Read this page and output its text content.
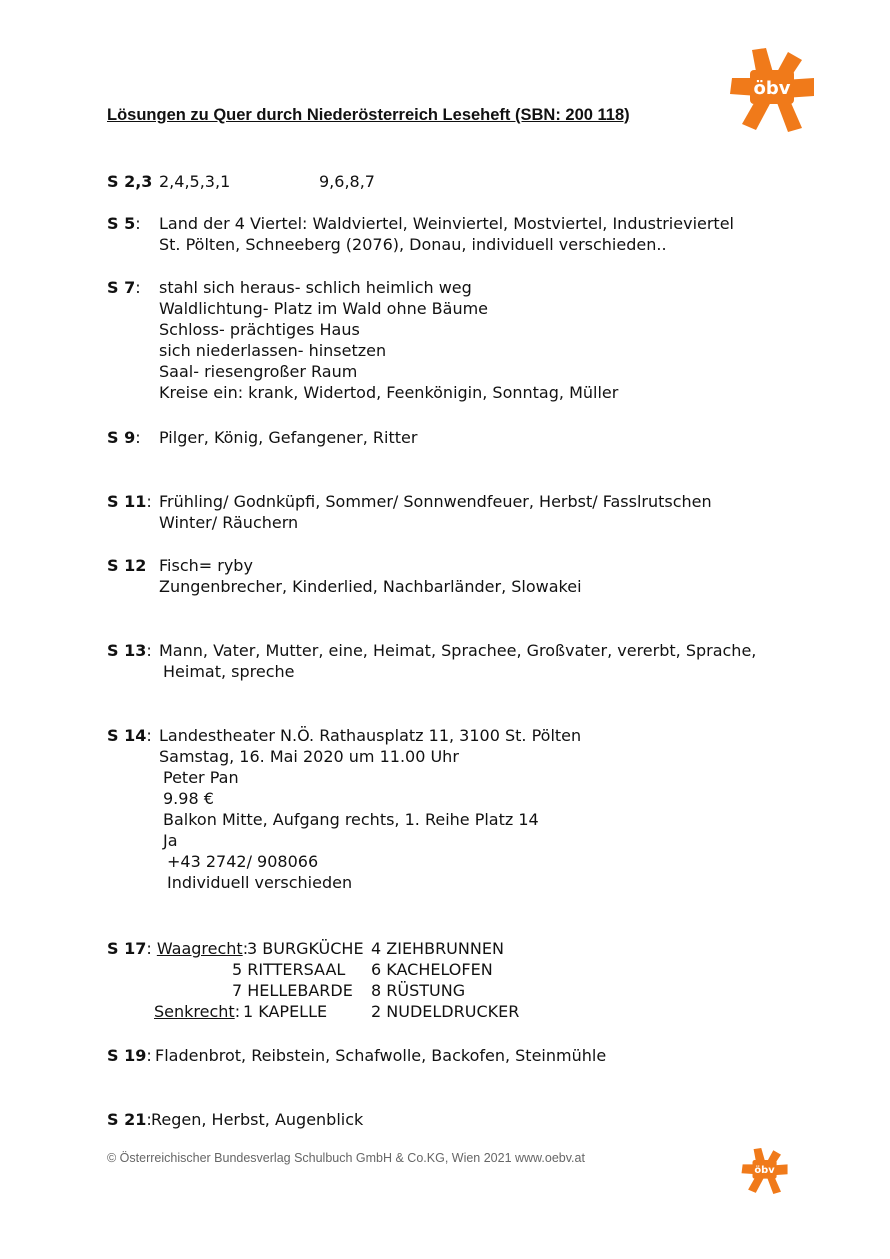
öbv
Lösungen zu Quer durch Niederösterreich Leseheft (SBN: 200 118)
S 2,3 2,4,5,3,1	9,6,8,7
S 5: Land der 4 Viertel: Waldviertel, Weinviertel, Mostviertel, Industrieviertel
St. Pölten, Schneeberg (2076), Donau, individuell verschieden..
S 7: stahl sich heraus- schlich heimlich weg
Waldlichtung- Platz im Wald ohne Bäume
Schloss- prächtiges Haus
sich niederlassen- hinsetzen
Saal- riesengroßer Raum
Kreise ein: krank, Widertod, Feenkönigin, Sonntag, Müller
S 9: Pilger, König, Gefangener, Ritter
S 11: Frühling/ Godnküpfi, Sommer/ Sonnwendfeuer, Herbst/ Fasslrutschen
Winter/ Räuchern
S 12 Fisch= ryby
Zungenbrecher, Kinderlied, Nachbarländer, Slowakei
S 13: Mann, Vater, Mutter, eine, Heimat, Sprachee, Großvater, vererbt, Sprache,
Heimat, spreche
S 14: Landestheater N.Ö. Rathausplatz 11, 3100 St. Pölten
Samstag, 16. Mai 2020 um 11.00 Uhr
Peter Pan
9.98 €
Balkon Mitte, Aufgang rechts, 1. Reihe Platz 14
Ja
+43 2742/ 908066
Individuell verschieden
S 17: Waagrecht:
3 BURGKÜCHE 4 ZIEHBRUNNEN
5 RITTERSAAL 6 KACHELOFEN
7 HELLEBARDE 8 RÜSTUNG
Senkrecht: 1 KAPELLE	2 NUDELDRUCKER
S 19: Fladenbrot, Reibstein, Schafwolle, Backofen, Steinmühle
S 21: Regen, Herbst, Augenblick
© Österreichischer Bundesverlag Schulbuch GmbH & Co.KG, Wien 2021 www.oebv.at
öbv
